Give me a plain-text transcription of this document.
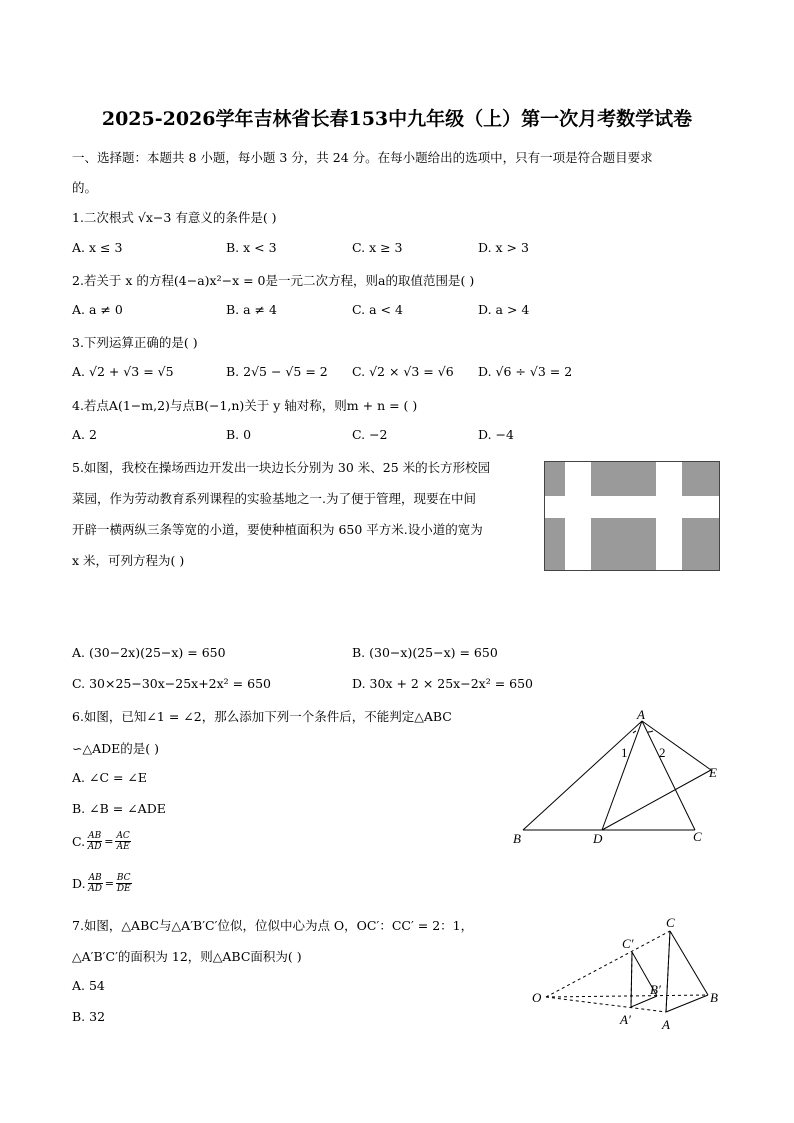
2025-2026学年吉林省长春153中九年级（上）第一次月考数学试卷
一、选择题：本题共 8 小题，每小题 3 分，共 24 分。在每小题给出的选项中，只有一项是符合题目要求
的。
1.二次根式 √x−3 有意义的条件是( )
A. x ≤ 3	B. x < 3	C. x ≥ 3	D. x > 3
2.若关于 x 的方程(4−a)x²−x = 0是一元二次方程，则a的取值范围是( )
A. a ≠ 0	B. a ≠ 4	C. a < 4	D. a > 4
3.下列运算正确的是( )
A. √2 + √3 = √5	B. 2√5 − √5 = 2 C. √2 × √3 = √6 D. √6 ÷ √3 = 2
4.若点A(1−m,2)与点B(−1,n)关于 y 轴对称，则m + n = ( )
A. 2	B. 0	C. −2	D. −4
5.如图，我校在操场西边开发出一块边长分别为 30 米、25 米的长方形校园
菜园，作为劳动教育系列课程的实验基地之一.为了便于管理，现要在中间
开辟一横两纵三条等宽的小道，要使种植面积为 650 平方米.设小道的宽为
x 米，可列方程为( )
A. (30−2x)(25−x) = 650	B. (30−x)(25−x) = 650
C. 30×25−30x−25x+2x² = 650	D. 30x + 2 × 25x−2x² = 650
6.如图，已知∠1 = ∠2，那么添加下列一个条件后，不能判定△ABC
∽△ADE的是( )
A. ∠C = ∠E
B. ∠B = ∠ADE
C. $\frac{AB}{AD} = \frac{AC}{AE}$
D. $\frac{AB}{AD} = \frac{BC}{DE}$
A
1 2
E
B	D	C
7.如图，△ABC与△A′B′C′位似，位似中心为点 O，OC′：CC′ = 2：1，
△A′B′C′的面积为 12，则△ABC面积为( )
A. 54
B. 32
C
C′
O
B′
B
A′ A
